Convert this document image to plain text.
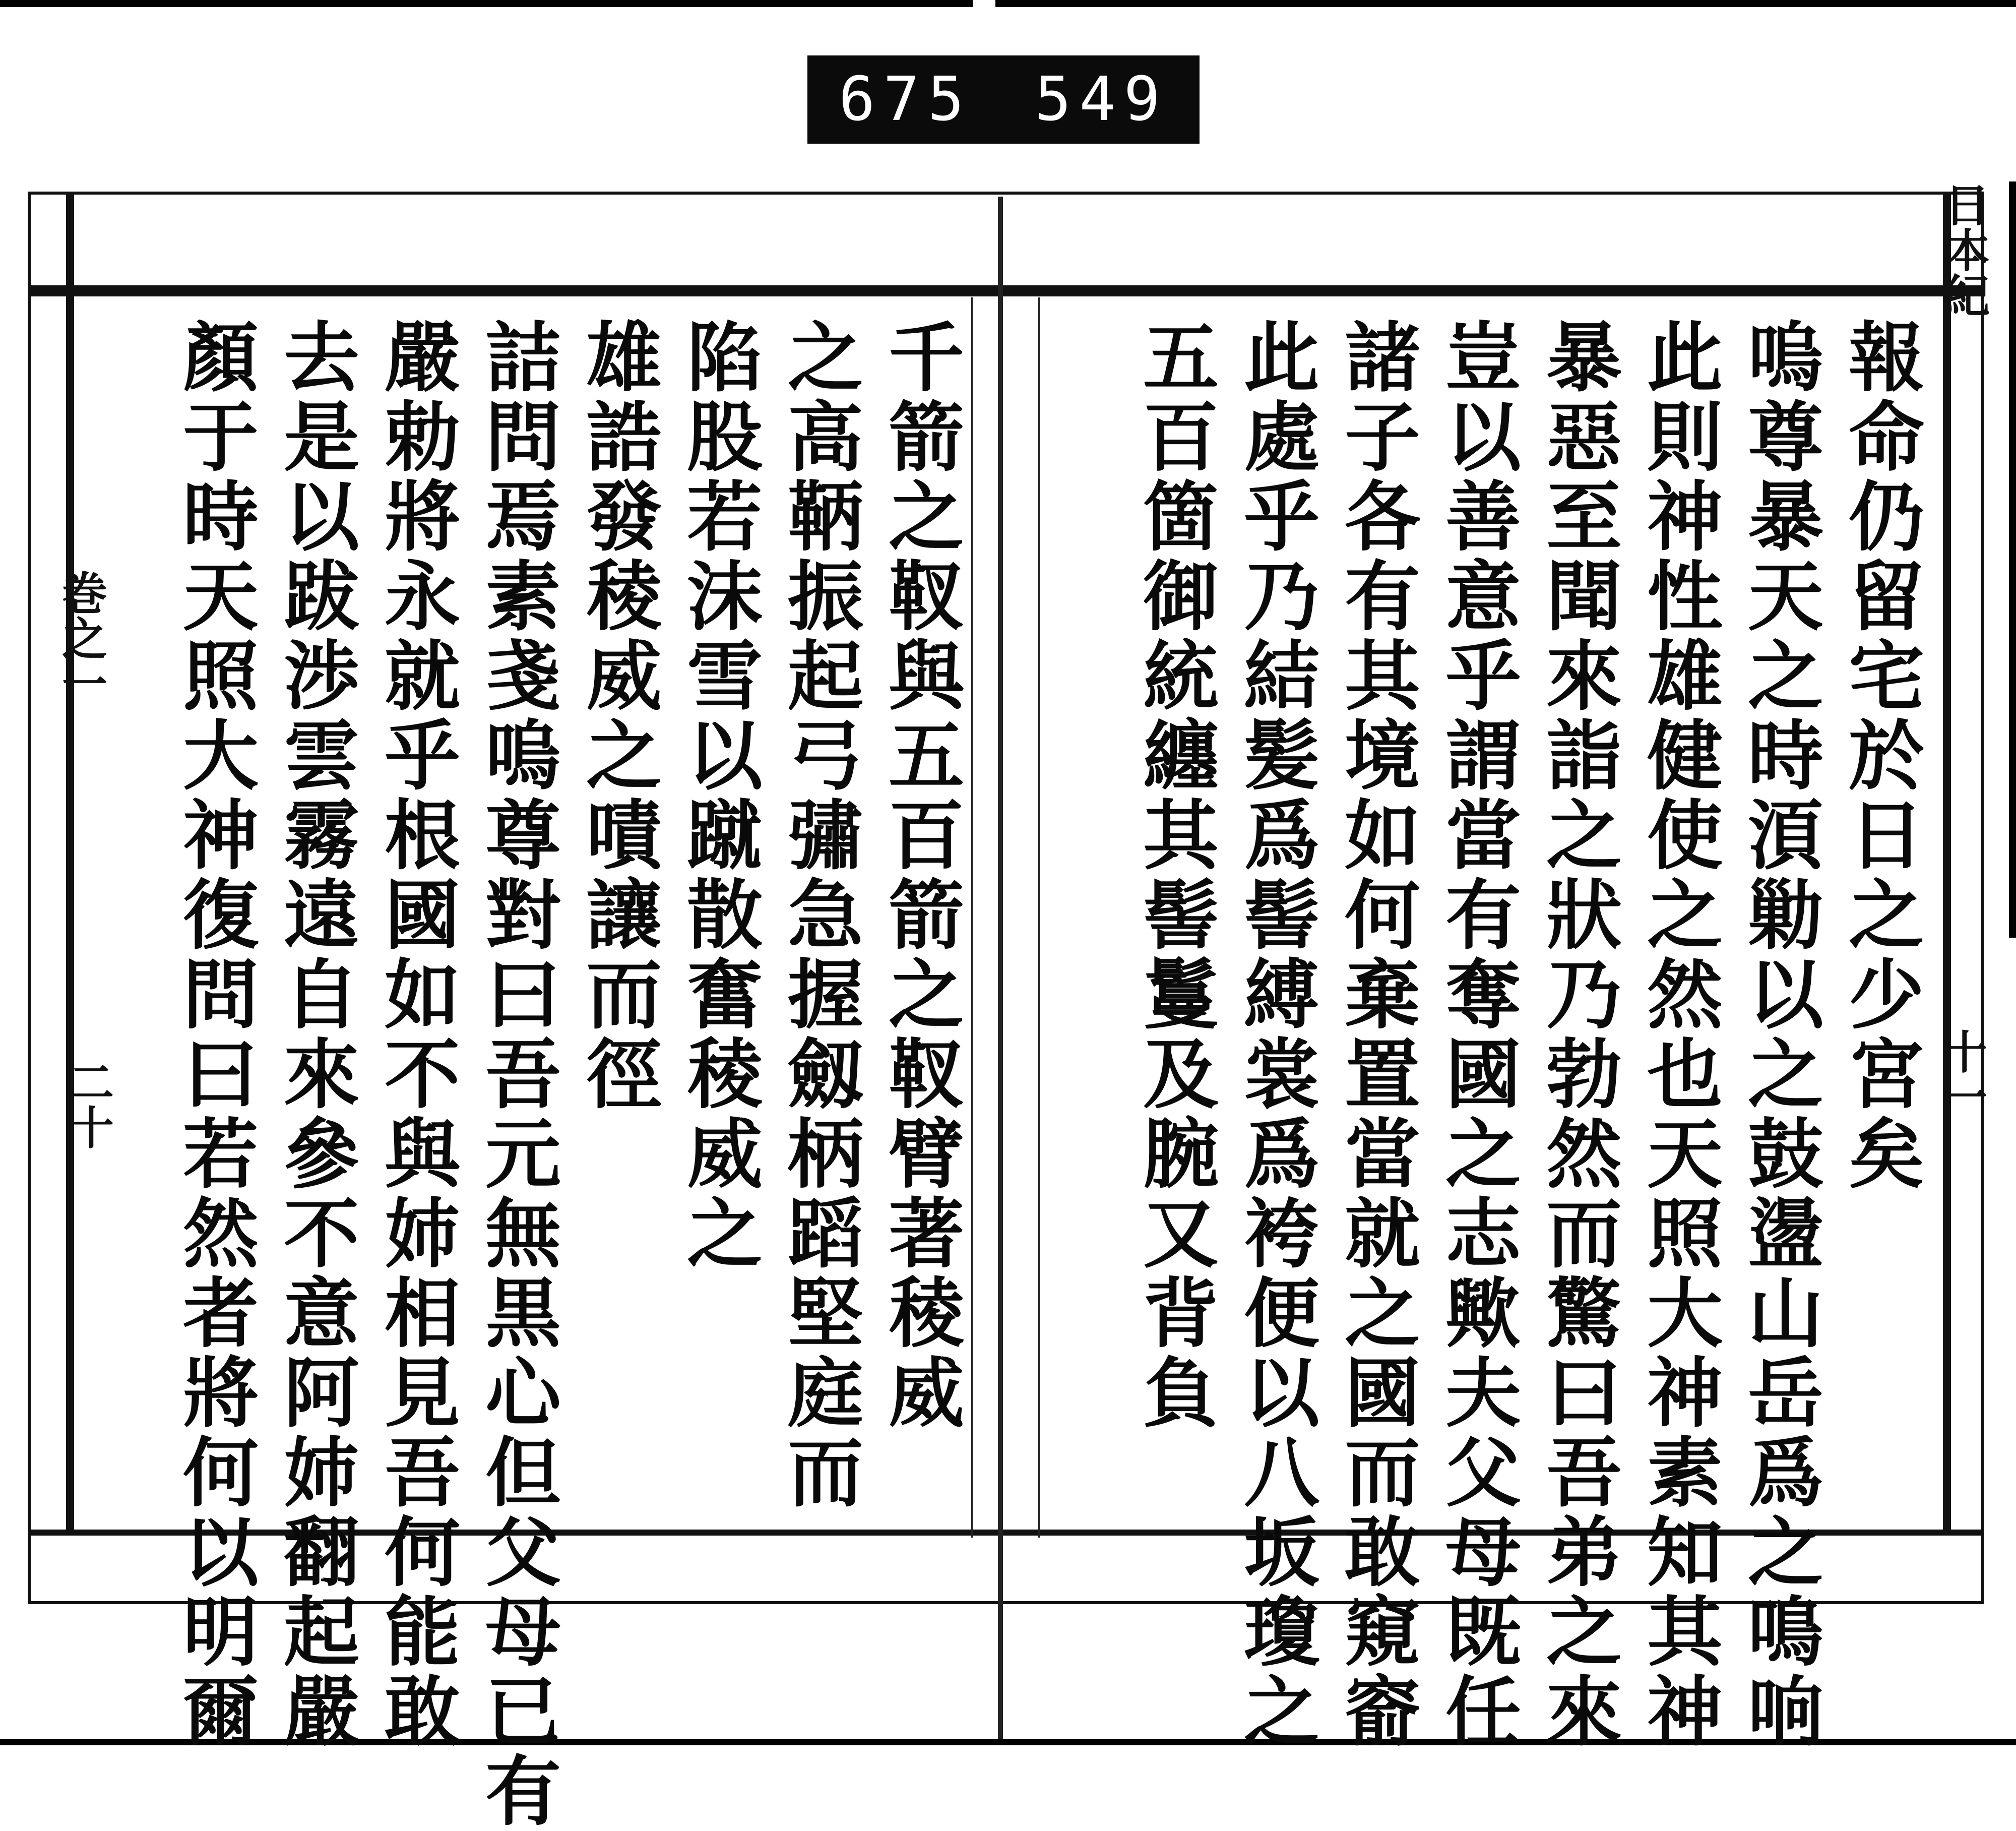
675 549
巻之一
二十
日本紀
十一
報命仍留宅於日之少宮矣
嗚尊暴天之時湏勦以之鼓盪山岳爲之鳴响
此則神性雄健使之然也天照大神素知其神
暴惡至聞來詣之狀乃勃然而驚曰吾弟之來
豈以善意乎謂當有奪國之志歟夫父母既任
諸子各有其境如何棄置當就之國而敢窺窬
此處乎乃結髪爲髻縛裳爲袴便以八坂瓊之
五百箇御統纏其髻鬘及腕又背負
千箭之靫與五百箭之靫臂著稜威
之高鞆振起弓彇急握劔柄蹈堅庭而
陷股若沫雪以蹴散奮稜威之
雄誥發稜威之嘖讓而徑
詰問焉素戔嗚尊對曰吾元無黒心但父母已有
嚴勅將永就乎根國如不與姉相見吾何能敢
去是以跋渉雲霧遠自來參不意阿姉翻起嚴
顏于時天照大神復問曰若然者將何以明爾
